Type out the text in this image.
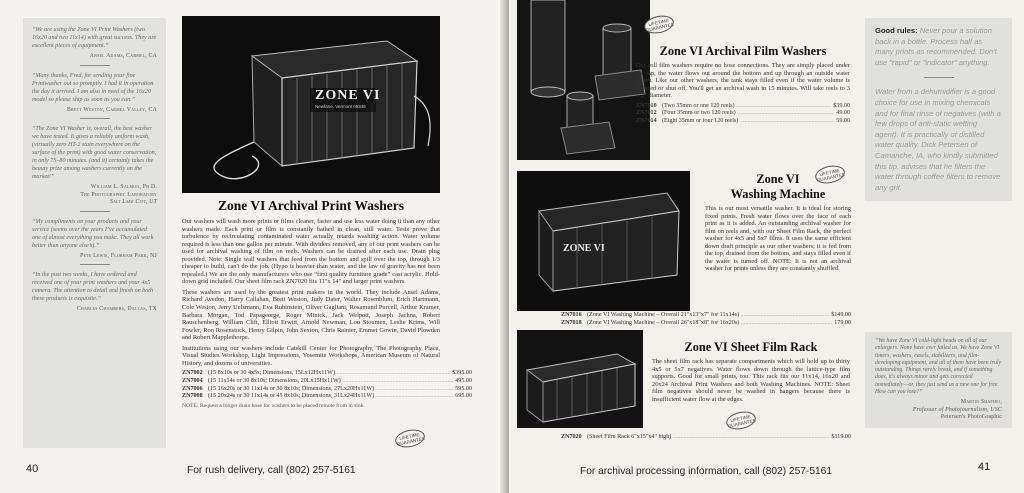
“We are using the Zone VI Print Washers (two 16x20 and two 11x14) with great success. They are excellent pieces of equipment.”

Ansel Adams, Carmel, CA

“Many thanks, Fred, for sending your fine Printwasher out so promptly. I had it in operation the day it arrived. I am also in need of the 16x20 model so please ship as soon as you can.”

Brett Weston, Carmel Valley, CA

“The Zone VI Washer is, overall, the best washer we have tested. It gives a reliably uniform wash, (virtually zero HT-2 stain everywhere on the surface of the print) with good water conservation, in only 75–80 minutes. (and it) certainly takes the beauty prize among washers currently on the market!”

William L. Salmon, Ph.D.

The Photographic Laboratory

Salt Lake City, UT

“My compliments on your products and your service (seems over the years I’ve accumulated one of almost everything you make. They all work better than anyone else’s).”

Pete Lewis, Florham Park, NJ

“In the past two weeks, I have ordered and received one of your print washers and your 4x5 camera. The attention to detail and finish on both these products is exquisite.”

Charles Chambers, Dallas, TX

ZONE VI
Newfane, Vermont 05345
Zone VI Archival Print Washers

Our washers will wash more prints or films cleaner, faster and use less water doing it than any other washers made. Each print or film is constantly bathed in clean, still water. Tests prove that turbulence by recirculating contaminated water actually retards washing action. Water volume required is less than one gallon per minute. With dividers removed, any of our print washers can be used for archival washing of film on reels. Washers can be drained after each use. Drain plug provided. Note: Single wall washers that feed from the bottom and spill over the top, through 1/3 cheaper to build, can't do the job. (Hypo is heavier than water, and the law of gravity has not been repealed.) We are the only manufacturers who use “first quality furniture grade” cast acrylic. Hold-down grid included. Our sheet film rack ZN7020 fits 11"x 14" and larger print washers.

These washers are used by the greatest print makers in the world. They include Ansel Adams, Richard Avedon, Harry Callahan, Brett Weston, Judy Dater, Walter Rosenblum, Erich Hartmann, Cole Weston, Jerry Uelsmann, Eva Rubinstein, Oliver Gagliani, Rosamund Purcell, Arthur Kramer, Barbara Morgan, Tod Papageorge, Roger Minick, Jack Welpott, Joseph Jachna, Robert Rauschenberg, William Clift, Elliott Erwitt, Arnold Newman, Lou Stoumen, Leslie Krims, Will Fowler, Ron Rosenstock, Henry Gilpin, John Sexton, Chris Rainier, Emmet Gowin, David Plowden and Robert Mapplethorpe.

Institutions using our washers include Catskill Center for Photography, The Photography Place, Visual Studies Workshop, Light Impressions, Yosemite Workshops, American Museum of Natural History, and dozens of universities.

ZN7002 (15 8x10s or 30 4x5s; Dimensions, 15Lx12Hx11W) .....	$395.00
ZN7004 (15 11x14s or 30 8x10s; Dimensions, 20Lx15Hx11W) .....	495.00
ZN7006 (15 16x20s or 30 11x14s or 30 8x10s; Dimensions, 27Lx20Hx11W) .....	595.00
ZN7008 (15 20x24s or 30 11x14s or 45 8x10s; Dimensions, 31Lx24Hx11W) .....	695.00

NOTE: Request a longer drain hose for washers to be placed remote from in sink.

LIFETIME GUARANTEE
40	For rush delivery, call (802) 257-5161
LIFETIME GUARANTEE
Zone VI Archival Film Washers

Our roll film washers require no hose connections. They are simply placed under the tap, the water flows out around the bottom and up through an outside water jacket. Like our other washers, the tank stays filled even if the water volume is reduced or shut off. You'll get an archival wash in 15 minutes. Will take reels to 3 1/2" diameter.

ZN7010 (Two 35mm or one 120 reels) .....	$39.00
ZN7012 (Four 35mm or two 120 reels) .....	49.00
ZN7014 (Eight 35mm or four 120 reels) .....	59.00
ZONE VI
Zone VI
Washing Machine

This is our most versatile washer. It is ideal for storing fixed prints. Fresh water flows over the face of each print as it is added. An outstanding archival washer for film on reels and, with our Sheet Film Rack, the perfect washer for 4x5 and 5x7 films. It uses the same efficient down draft principle as our other washers; it is fed from the top, drained from the bottom, and stays filled even if the water is turned off. NOTE: It is not an archival washer for prints unless they are constantly shuffled.

LIFETIME GUARANTEE
ZN7016 (Zone VI Washing Machine – Overall 21"x13"x7" for 11x14s) .....	$149.00
ZN7018 (Zone VI Washing Machine – Overall 26"x18"x8" for 16x20s) .....	179.00
Zone VI Sheet Film Rack

The sheet film rack has separate compartments which will hold up to thirty 4x5 or 5x7 negatives. Water flows down through the lattice-type film supports. Good for small prints, too. This rack fits our 11x14, 16x20 and 20x24 Archival Print Washers and both Washing Machines. NOTE: Sheet film negatives should never be washed in hangers because there is insufficient water flow at the edges.

LIFETIME GUARANTEE
ZN7020 (Sheet Film Rack 6"x15"x4" high) .....	$119.00

Good rules: Never pour a solution back in a bottle. Process half as many prints as recommended. Don't use "rapid" or "indicator" anything.

Water from a dehumidifier is a good choice for use in mixing chemicals and for final rinse of negatives (with a few drops of anti-static wetting agent). It is practically of distilled water quality. Dick Petersen of Camanche, IA, who kindly submitted this tip, advises that he filters the water through coffee filters to remove any grit.

“We have Zone VI cold-light heads on all of our enlargers. None have ever failed us. We have Zone VI timers, washers, easels, stabilizers, and film-developing equipment, and all of them have been truly outstanding. Things rarely break, and if something does, it's always minor and gets corrected immediately—or, they just send us a new one for free. How can you lose?”

Martin Shapiro,

Professor of Photojournalism, USC

Petersen's PhotoGraphic

For archival processing information, call (802) 257-5161	41
